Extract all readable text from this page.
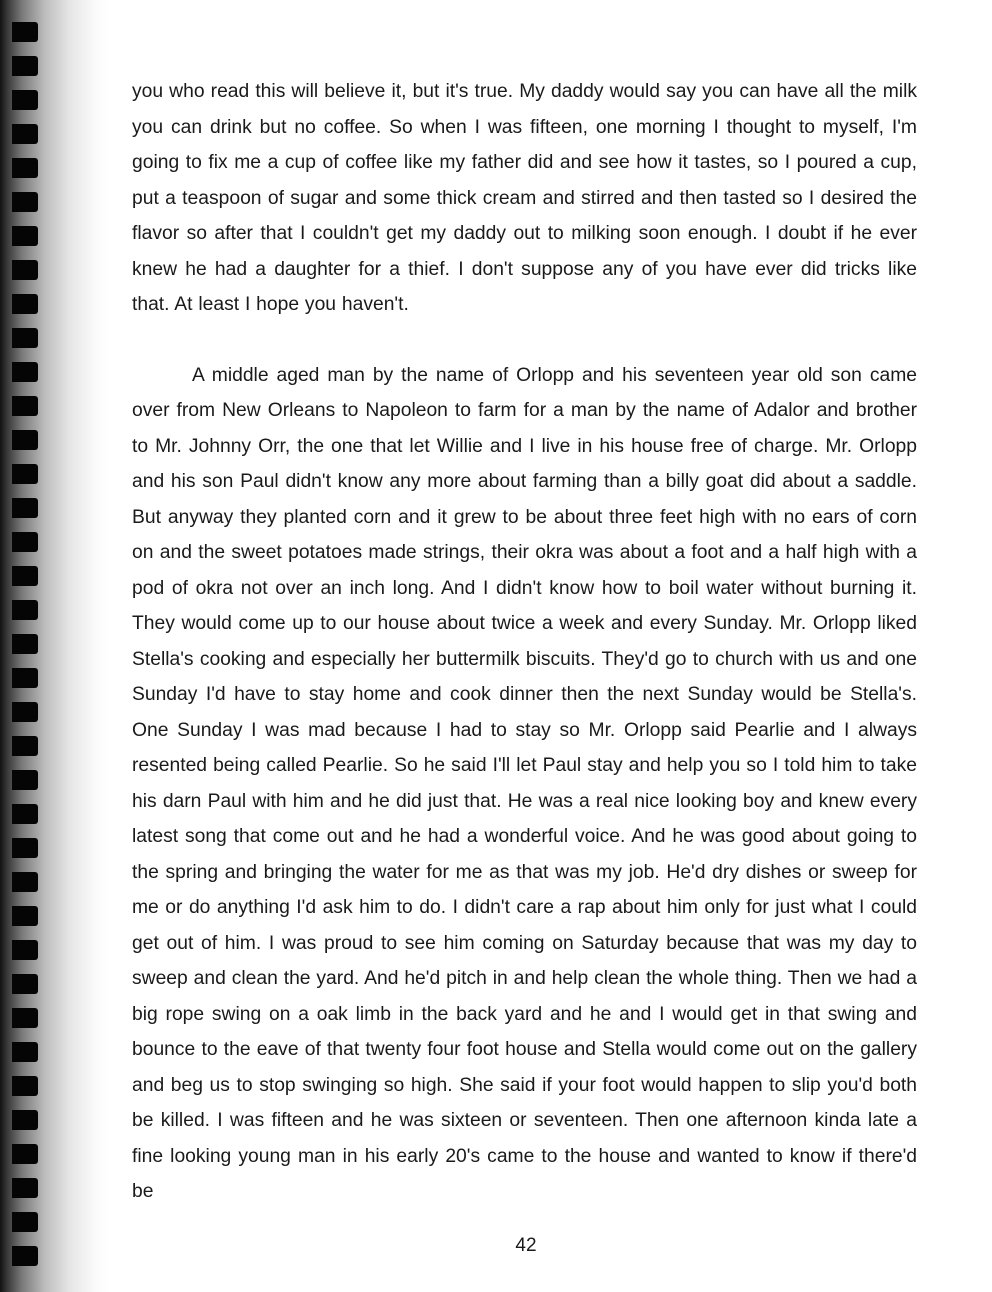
you who read this will believe it, but it's true. My daddy would say you can have all the milk you can drink but no coffee. So when I was fifteen, one morning I thought to myself, I'm going to fix me a cup of coffee like my father did and see how it tastes, so I poured a cup, put a teaspoon of sugar and some thick cream and stirred and then tasted so I desired the flavor so after that I couldn't get my daddy out to milking soon enough. I doubt if he ever knew he had a daughter for a thief. I don't suppose any of you have ever did tricks like that. At least I hope you haven't.

A middle aged man by the name of Orlopp and his seventeen year old son came over from New Orleans to Napoleon to farm for a man by the name of Adalor and brother to Mr. Johnny Orr, the one that let Willie and I live in his house free of charge. Mr. Orlopp and his son Paul didn't know any more about farming than a billy goat did about a saddle. But anyway they planted corn and it grew to be about three feet high with no ears of corn on and the sweet potatoes made strings, their okra was about a foot and a half high with a pod of okra not over an inch long. And I didn't know how to boil water without burning it. They would come up to our house about twice a week and every Sunday. Mr. Orlopp liked Stella's cooking and especially her buttermilk biscuits. They'd go to church with us and one Sunday I'd have to stay home and cook dinner then the next Sunday would be Stella's. One Sunday I was mad because I had to stay so Mr. Orlopp said Pearlie and I always resented being called Pearlie. So he said I'll let Paul stay and help you so I told him to take his darn Paul with him and he did just that. He was a real nice looking boy and knew every latest song that come out and he had a wonderful voice. And he was good about going to the spring and bringing the water for me as that was my job. He'd dry dishes or sweep for me or do anything I'd ask him to do. I didn't care a rap about him only for just what I could get out of him. I was proud to see him coming on Saturday because that was my day to sweep and clean the yard. And he'd pitch in and help clean the whole thing. Then we had a big rope swing on a oak limb in the back yard and he and I would get in that swing and bounce to the eave of that twenty four foot house and Stella would come out on the gallery and beg us to stop swinging so high. She said if your foot would happen to slip you'd both be killed. I was fifteen and he was sixteen or seventeen. Then one afternoon kinda late a fine looking young man in his early 20's came to the house and wanted to know if there'd be

42
